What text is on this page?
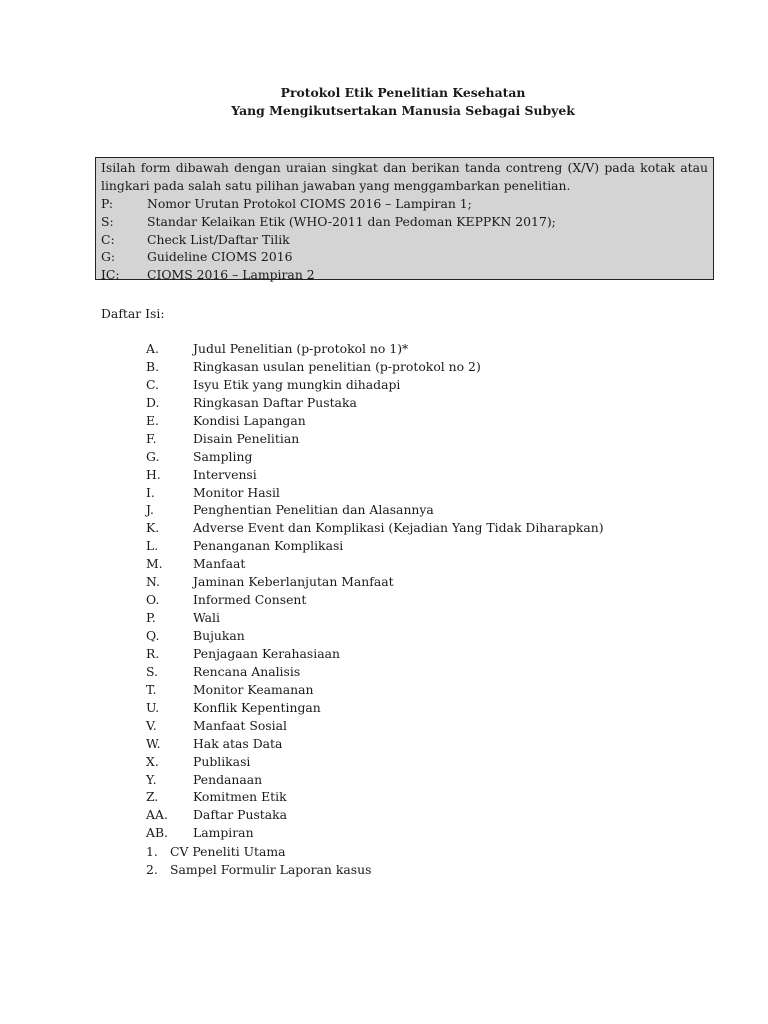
Protokol Etik Penelitian Kesehatan
Yang Mengikutsertakan Manusia Sebagai Subyek
Isilah form dibawah dengan uraian singkat dan berikan tanda contreng (X/V) pada kotak atau lingkari pada salah satu pilihan jawaban yang menggambarkan penelitian.
P:	Nomor Urutan Protokol CIOMS 2016 – Lampiran 1;
S:	Standar Kelaikan Etik (WHO-2011 dan Pedoman KEPPKN 2017);
C:	Check List/Daftar Tilik
G:	Guideline CIOMS 2016
IC:	CIOMS 2016 – Lampiran 2
Daftar Isi:
A.	Judul Penelitian (p-protokol no 1)*
B.	Ringkasan usulan penelitian (p-protokol no 2)
C.	Isyu Etik yang mungkin dihadapi
D.	Ringkasan Daftar Pustaka
E.	Kondisi Lapangan
F.	Disain Penelitian
G.	Sampling
H.	Intervensi
I.	Monitor Hasil
J.	Penghentian Penelitian dan Alasannya
K.	Adverse Event dan Komplikasi (Kejadian Yang Tidak Diharapkan)
L.	Penanganan Komplikasi
M.	Manfaat
N.	Jaminan Keberlanjutan Manfaat
O.	Informed Consent
P.	Wali
Q.	Bujukan
R.	Penjagaan Kerahasiaan
S.	Rencana Analisis
T.	Monitor Keamanan
U.	Konflik Kepentingan
V.	Manfaat Sosial
W.	Hak atas Data
X.	Publikasi
Y.	Pendanaan
Z.	Komitmen Etik
AA.	Daftar Pustaka
AB.	Lampiran
1. CV Peneliti Utama
2. Sampel Formulir Laporan kasus
